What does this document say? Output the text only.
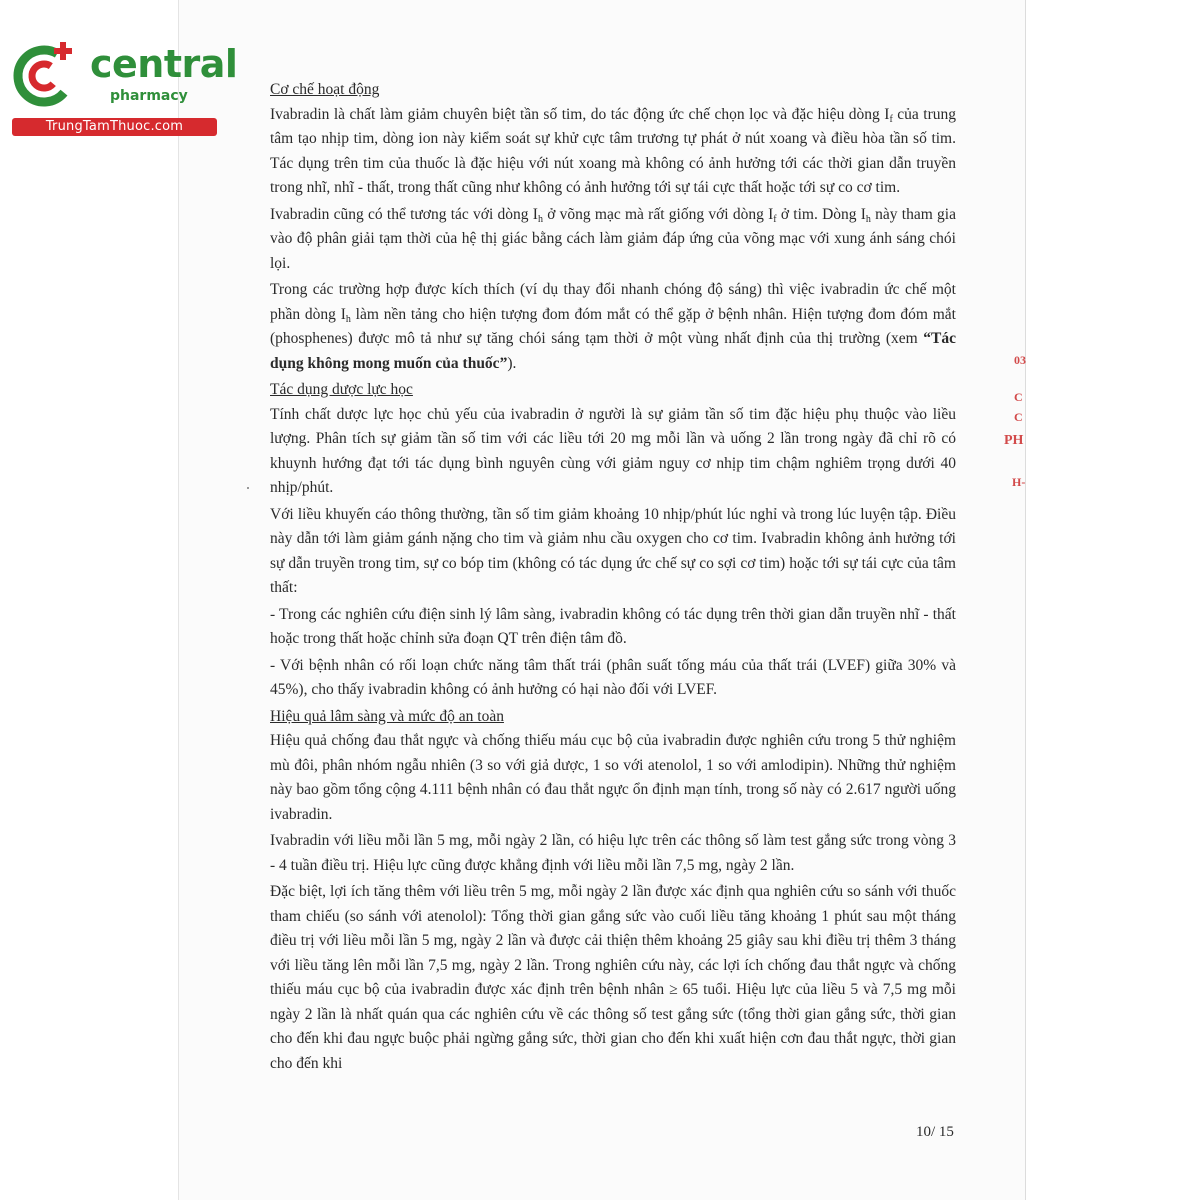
central
pharmacy
TrungTamThuoc.com

Cơ chế hoạt động

Ivabradin là chất làm giảm chuyên biệt tần số tim, do tác động ức chế chọn lọc và đặc hiệu dòng $I_f$ của trung tâm tạo nhịp tim, dòng ion này kiểm soát sự khử cực tâm trương tự phát ở nút xoang và điều hòa tần số tim. Tác dụng trên tim của thuốc là đặc hiệu với nút xoang mà không có ảnh hưởng tới các thời gian dẫn truyền trong nhĩ, nhĩ - thất, trong thất cũng như không có ảnh hưởng tới sự tái cực thất hoặc tới sự co cơ tim.

Ivabradin cũng có thể tương tác với dòng $I_h$ ở võng mạc mà rất giống với dòng $I_f$ ở tim. Dòng $I_h$ này tham gia vào độ phân giải tạm thời của hệ thị giác bằng cách làm giảm đáp ứng của võng mạc với xung ánh sáng chói lọi.

Trong các trường hợp được kích thích (ví dụ thay đổi nhanh chóng độ sáng) thì việc ivabradin ức chế một phần dòng $I_h$ làm nền tảng cho hiện tượng đom đóm mắt có thể gặp ở bệnh nhân. Hiện tượng đom đóm mắt (phosphenes) được mô tả như sự tăng chói sáng tạm thời ở một vùng nhất định của thị trường (xem “Tác dụng không mong muốn của thuốc”).

Tác dụng dược lực học

Tính chất dược lực học chủ yếu của ivabradin ở người là sự giảm tần số tim đặc hiệu phụ thuộc vào liều lượng. Phân tích sự giảm tần số tim với các liều tới 20 mg mỗi lần và uống 2 lần trong ngày đã chỉ rõ có khuynh hướng đạt tới tác dụng bình nguyên cùng với giảm nguy cơ nhịp tim chậm nghiêm trọng dưới 40 nhịp/phút.

Với liều khuyến cáo thông thường, tần số tim giảm khoảng 10 nhịp/phút lúc nghỉ và trong lúc luyện tập. Điều này dẫn tới làm giảm gánh nặng cho tim và giảm nhu cầu oxygen cho cơ tim. Ivabradin không ảnh hưởng tới sự dẫn truyền trong tim, sự co bóp tim (không có tác dụng ức chế sự co sợi cơ tim) hoặc tới sự tái cực của tâm thất:

- Trong các nghiên cứu điện sinh lý lâm sàng, ivabradin không có tác dụng trên thời gian dẫn truyền nhĩ - thất hoặc trong thất hoặc chỉnh sửa đoạn QT trên điện tâm đồ.

- Với bệnh nhân có rối loạn chức năng tâm thất trái (phân suất tống máu của thất trái (LVEF) giữa 30% và 45%), cho thấy ivabradin không có ảnh hưởng có hại nào đối với LVEF.

Hiệu quả lâm sàng và mức độ an toàn

Hiệu quả chống đau thắt ngực và chống thiếu máu cục bộ của ivabradin được nghiên cứu trong 5 thử nghiệm mù đôi, phân nhóm ngẫu nhiên (3 so với giả dược, 1 so với atenolol, 1 so với amlodipin). Những thử nghiệm này bao gồm tổng cộng 4.111 bệnh nhân có đau thắt ngực ổn định mạn tính, trong số này có 2.617 người uống ivabradin.

Ivabradin với liều mỗi lần 5 mg, mỗi ngày 2 lần, có hiệu lực trên các thông số làm test gắng sức trong vòng 3 - 4 tuần điều trị. Hiệu lực cũng được khẳng định với liều mỗi lần 7,5 mg, ngày 2 lần.

Đặc biệt, lợi ích tăng thêm với liều trên 5 mg, mỗi ngày 2 lần được xác định qua nghiên cứu so sánh với thuốc tham chiếu (so sánh với atenolol): Tổng thời gian gắng sức vào cuối liều tăng khoảng 1 phút sau một tháng điều trị với liều mỗi lần 5 mg, ngày 2 lần và được cải thiện thêm khoảng 25 giây sau khi điều trị thêm 3 tháng với liều tăng lên mỗi lần 7,5 mg, ngày 2 lần. Trong nghiên cứu này, các lợi ích chống đau thắt ngực và chống thiếu máu cục bộ của ivabradin được xác định trên bệnh nhân ≥ 65 tuổi. Hiệu lực của liều 5 và 7,5 mg mỗi ngày 2 lần là nhất quán qua các nghiên cứu về các thông số test gắng sức (tổng thời gian gắng sức, thời gian cho đến khi đau ngực buộc phải ngừng gắng sức, thời gian cho đến khi xuất hiện cơn đau thắt ngực, thời gian cho đến khi

10/ 15
03
C
C
PH
H-
